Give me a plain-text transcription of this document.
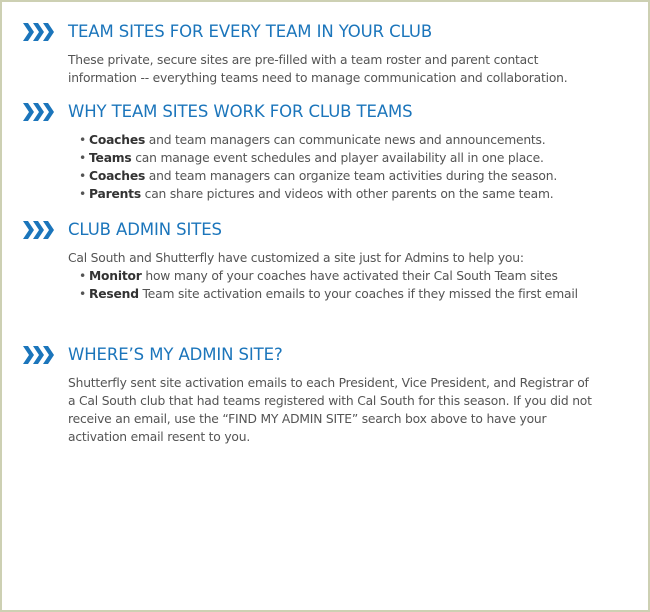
TEAM SITES FOR EVERY TEAM IN YOUR CLUB

These private, secure sites are pre-filled with a team roster and parent contact

information -- everything teams need to manage communication and collaboration.

WHY TEAM SITES WORK FOR CLUB TEAMS
• Coaches and team managers can communicate news and announcements.
• Teams can manage event schedules and player availability all in one place.
• Coaches and team managers can organize team activities during the season.
• Parents can share pictures and videos with other parents on the same team.
CLUB ADMIN SITES
Cal South and Shutterfly have customized a site just for Admins to help you:
• Monitor how many of your coaches have activated their Cal South Team sites
• Resend Team site activation emails to your coaches if they missed the first email
WHERE’S MY ADMIN SITE?

Shutterfly sent site activation emails to each President, Vice President, and Registrar of

a Cal South club that had teams registered with Cal South for this season. If you did not

receive an email, use the “FIND MY ADMIN SITE” search box above to have your

activation email resent to you.
